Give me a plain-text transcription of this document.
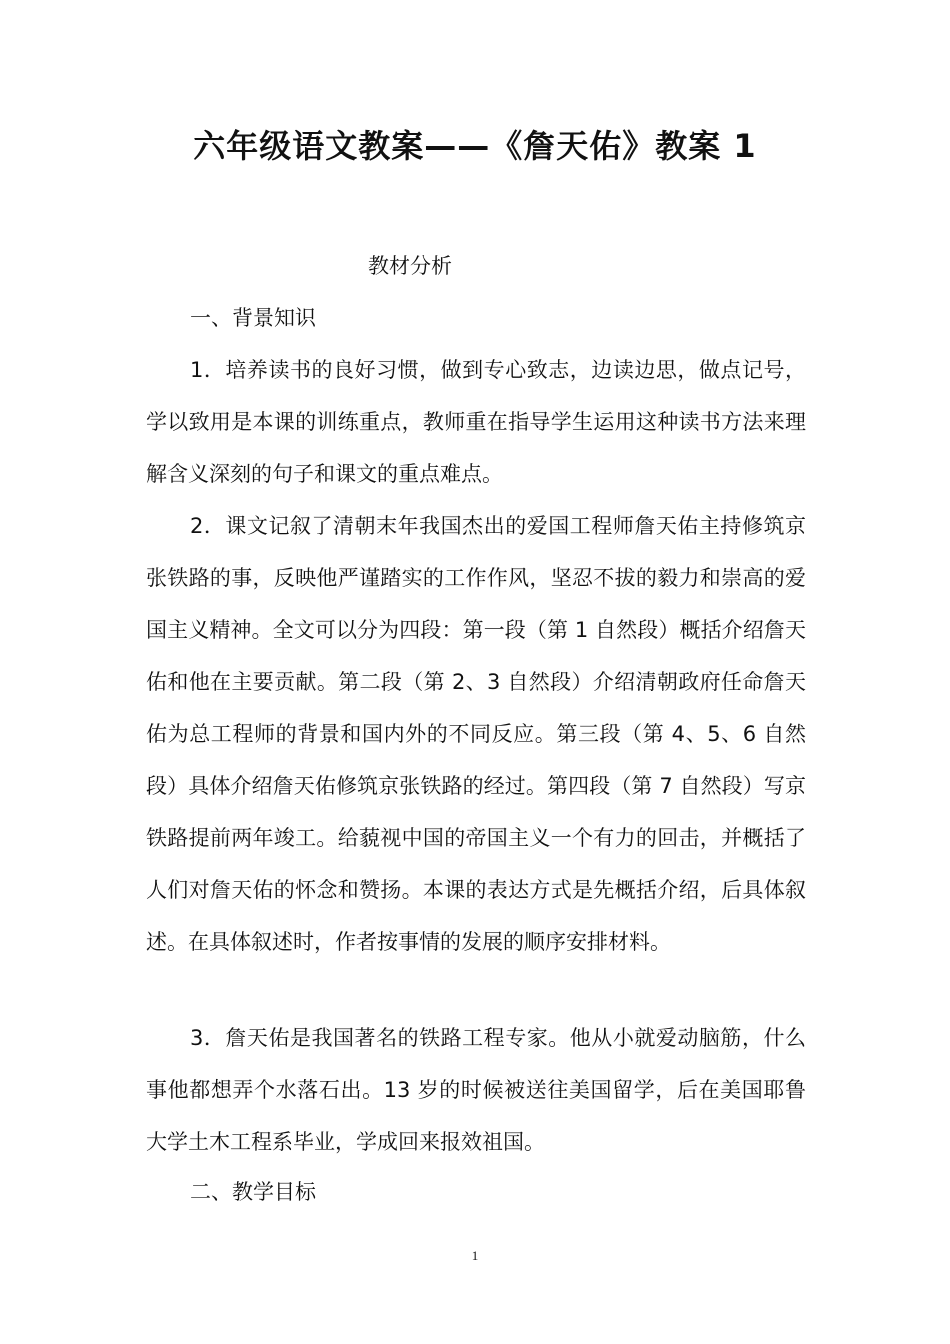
六年级语文教案——《詹天佑》教案 1
教材分析
一、背景知识

1．培养读书的良好习惯，做到专心致志，边读边思，做点记号，学以致用是本课的训练重点，教师重在指导学生运用这种读书方法来理解含义深刻的句子和课文的重点难点。

2．课文记叙了清朝末年我国杰出的爱国工程师詹天佑主持修筑京张铁路的事，反映他严谨踏实的工作作风，坚忍不拔的毅力和崇高的爱国主义精神。全文可以分为四段：第一段（第 1 自然段）概括介绍詹天佑和他在主要贡献。第二段（第 2、3 自然段）介绍清朝政府任命詹天佑为总工程师的背景和国内外的不同反应。第三段（第 4、5、6 自然段）具体介绍詹天佑修筑京张铁路的经过。第四段（第 7 自然段）写京铁路提前两年竣工。给藐视中国的帝国主义一个有力的回击，并概括了人们对詹天佑的怀念和赞扬。本课的表达方式是先概括介绍，后具体叙述。在具体叙述时，作者按事情的发展的顺序安排材料。

3．詹天佑是我国著名的铁路工程专家。他从小就爱动脑筋，什么事他都想弄个水落石出。13 岁的时候被送往美国留学，后在美国耶鲁大学土木工程系毕业，学成回来报效祖国。

二、教学目标
1
